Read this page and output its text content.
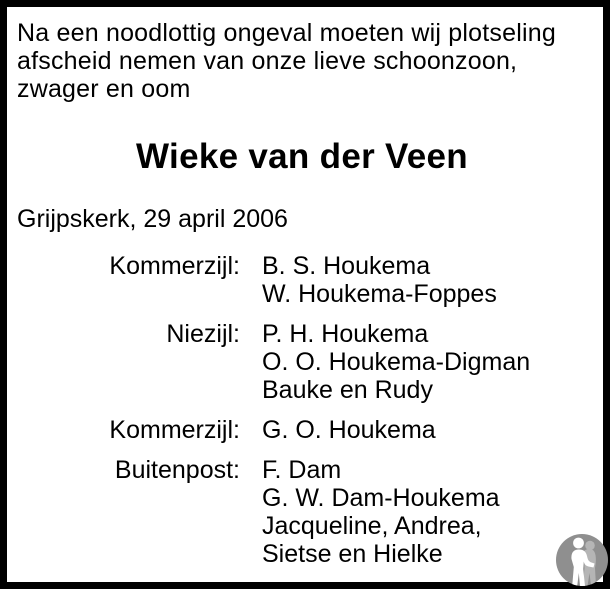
Na een noodlottig ongeval moeten wij plotseling
afscheid nemen van onze lieve schoonzoon,
zwager en oom
Wieke van der Veen
Grijpskerk, 29 april 2006
Kommerzijl: B. S. Houkema
W. Houkema-Foppes
Niezijl: P. H. Houkema
O. O. Houkema-Digman
Bauke en Rudy
Kommerzijl: G. O. Houkema
Buitenpost: F. Dam
G. W. Dam-Houkema
Jacqueline, Andrea,
Sietse en Hielke
